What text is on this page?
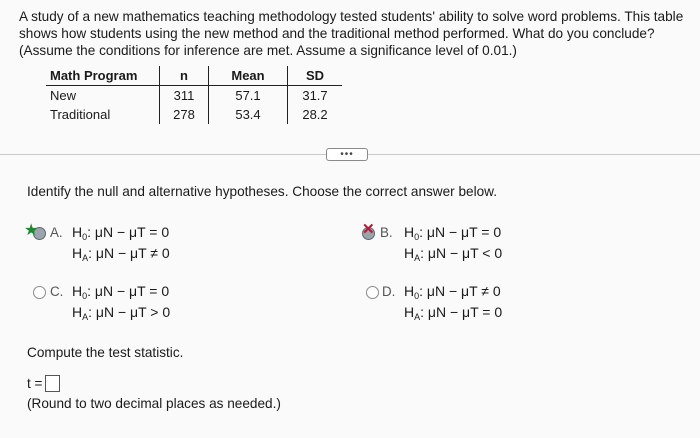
A study of a new mathematics teaching methodology tested students' ability to solve word problems. This table
shows how students using the new method and the traditional method performed. What do you conclude?
(Assume the conditions for inference are met. Assume a significance level of 0.01.)
Math Program	n	Mean	SD
New	311	57.1	31.7
Traditional	278	53.4	28.2
•••
Identify the null and alternative hypotheses. Choose the correct answer below.
★ A. $H_0$: μN − μT = 0
$H_A$: μN − μT ≠ 0
✕ B. $H_0$: μN − μT = 0
$H_A$: μN − μT < 0
C. $H_0$: μN − μT = 0
$H_A$: μN − μT > 0
D. $H_0$: μN − μT ≠ 0
$H_A$: μN − μT = 0
Compute the test statistic.
t =
(Round to two decimal places as needed.)
